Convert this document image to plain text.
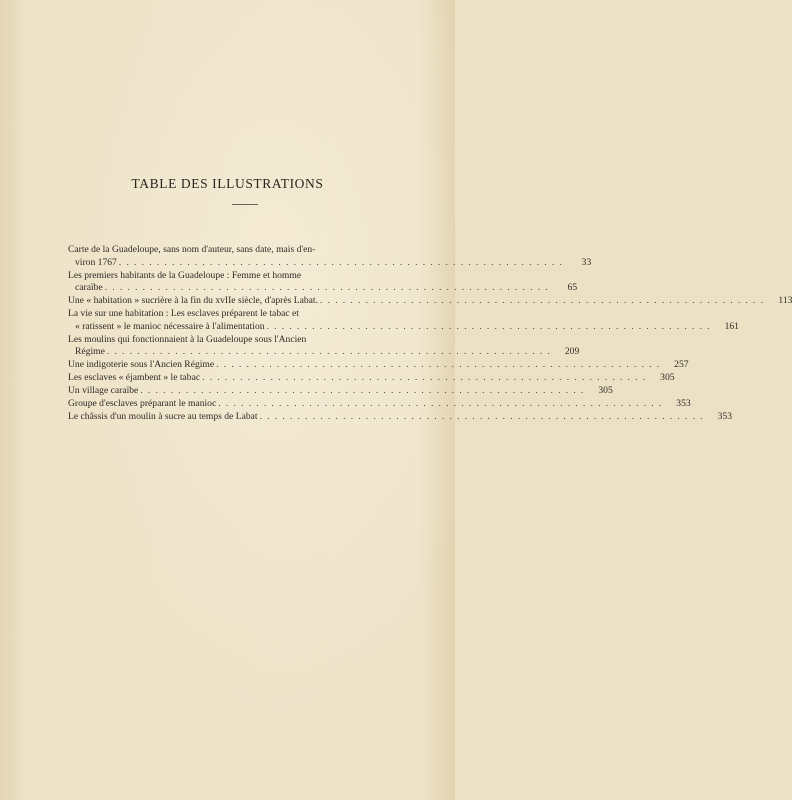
TABLE DES ILLUSTRATIONS
Carte de la Guadeloupe, sans nom d'auteur, sans date, mais d'en-
viron 1767 . . . . . . . . . . . . . . . . . . . . . . . . . . . . . . . . . . . . . . . . . . . . . . . . . . . . . . . . . . .	33
Les premiers habitants de la Guadeloupe : Femme et homme
caraïbe . . . . . . . . . . . . . . . . . . . . . . . . . . . . . . . . . . . . . . . . . . . . . . . . . . . . . . . . . . .	65
Une « habitation » sucrière à la fin du xvIIe siècle, d'après Labat. . . . . . . . . . . . . . . . . . . . . . . . . . . . . . . . . . . . . . . . . . . . . . . . . . . . . . . . . . . .	113
La vie sur une habitation : Les esclaves préparent le tabac et
« ratissent » le manioc nécessaire à l'alimentation . . . . . . . . . . . . . . . . . . . . . . . . . . . . . . . . . . . . . . . . . . . . . . . . . . . . . . . . . . .	161
Les moulins qui fonctionnaient à la Guadeloupe sous l'Ancien
Régime . . . . . . . . . . . . . . . . . . . . . . . . . . . . . . . . . . . . . . . . . . . . . . . . . . . . . . . . . . .	209
Une indigoterie sous l'Ancien Régime . . . . . . . . . . . . . . . . . . . . . . . . . . . . . . . . . . . . . . . . . . . . . . . . . . . . . . . . . . .	257
Les esclaves « éjambent » le tabac . . . . . . . . . . . . . . . . . . . . . . . . . . . . . . . . . . . . . . . . . . . . . . . . . . . . . . . . . . .	305
Un village caraïbe . . . . . . . . . . . . . . . . . . . . . . . . . . . . . . . . . . . . . . . . . . . . . . . . . . . . . . . . . . .	305
Groupe d'esclaves préparant le manioc . . . . . . . . . . . . . . . . . . . . . . . . . . . . . . . . . . . . . . . . . . . . . . . . . . . . . . . . . . .	353
Le châssis d'un moulin à sucre au temps de Labat . . . . . . . . . . . . . . . . . . . . . . . . . . . . . . . . . . . . . . . . . . . . . . . . . . . . . . . . . . .	353
